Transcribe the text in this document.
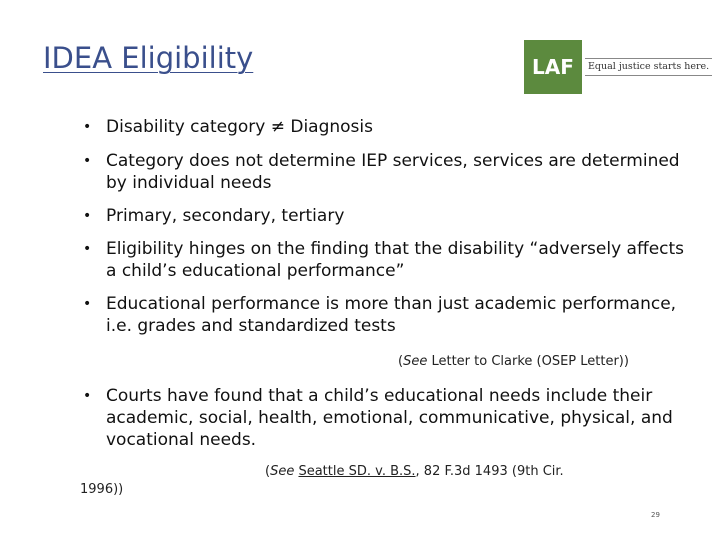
IDEA Eligibility	LAF	Equal justice starts here.
• Disability category ≠ Diagnosis
• Category does not determine IEP services, services are determined by individual needs
• Primary, secondary, tertiary
• Eligibility hinges on the finding that the disability “adversely affects a child’s educational performance”
• Educational performance is more than just academic performance, i.e. grades and standardized tests
(See Letter to Clarke (OSEP Letter))
• Courts have found that a child’s educational needs include their academic, social, health, emotional, communicative, physical, and vocational needs.
(See Seattle SD. v. B.S., 82 F.3d 1493 (9th Cir.
1996))
29
